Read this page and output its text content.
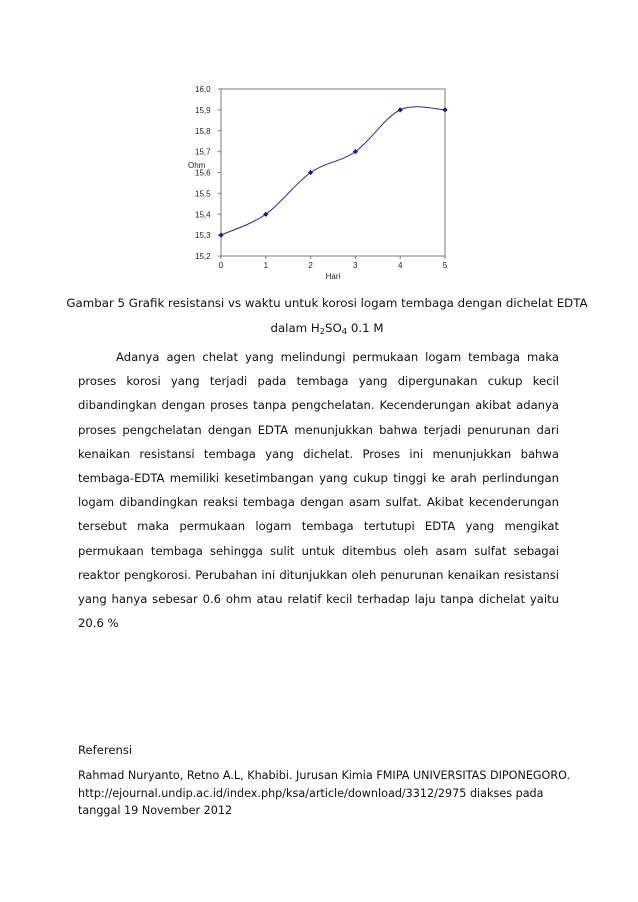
15,2
15,3
15,4
15,5
15,6
15,7
15,8
15,9
16,0
0	1	2	3	4	5
Ohm
Hari
Gambar 5 Grafik resistansi vs waktu untuk korosi logam tembaga dengan dichelat EDTA
dalam $H_2SO_4$ 0.1 M

Adanya agen chelat yang melindungi permukaan logam tembaga maka proses korosi yang terjadi pada tembaga yang dipergunakan cukup kecil dibandingkan dengan proses tanpa pengchelatan. Kecenderungan akibat adanya proses pengchelatan dengan EDTA menunjukkan bahwa terjadi penurunan dari kenaikan resistansi tembaga yang dichelat. Proses ini menunjukkan bahwa tembaga-EDTA memiliki kesetimbangan yang cukup tinggi ke arah perlindungan logam dibandingkan reaksi tembaga dengan asam sulfat. Akibat kecenderungan tersebut maka permukaan logam tembaga tertutupi EDTA yang mengikat permukaan tembaga sehingga sulit untuk ditembus oleh asam sulfat sebagai reaktor pengkorosi. Perubahan ini ditunjukkan oleh penurunan kenaikan resistansi yang hanya sebesar 0.6 ohm atau relatif kecil terhadap laju tanpa dichelat yaitu 20.6 %

Referensi
Rahmad Nuryanto, Retno A.L, Khabibi. Jurusan Kimia FMIPA UNIVERSITAS DIPONEGORO.
http://ejournal.undip.ac.id/index.php/ksa/article/download/3312/2975 diakses pada
tanggal 19 November 2012
